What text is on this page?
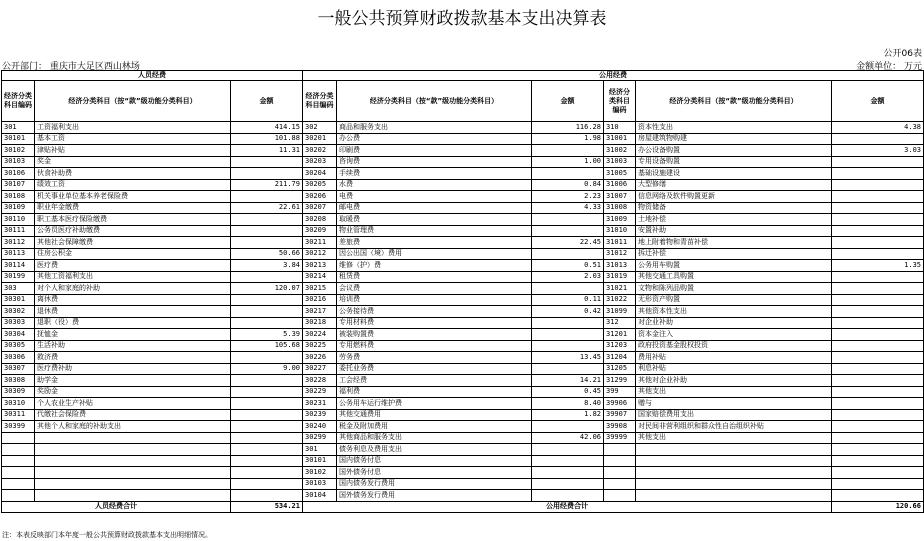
一般公共预算财政拨款基本支出决算表
公开06表
公开部门： 重庆市大足区西山林场	金额单位： 万元
人员经费			公用经费					
经济分类科目编码	经济分类科目（按“款”级功能分类科目）	金额	经济分类科目编码	经济分类科目（按“款”级功能分类科目）	金额	经济分类科目编码	经济分类科目（按“款”级功能分类科目）	金额
301	工资福利支出	414.15	302	商品和服务支出	116.28	310	资本性支出	4.38
30101	基本工资	101.88	30201	办公费	1.98	31001	房屋建筑物购建	
30102	津贴补贴	11.31	30202	印刷费		31002	办公设备购置	3.03
30103	奖金		30203	咨询费	1.00	31003	专用设备购置	
30106	伙食补助费		30204	手续费		31005	基础设施建设	
30107	绩效工资	211.79	30205	水费	0.84	31006	大型修缮	
30108	机关事业单位基本养老保险费		30206	电费	2.23	31007	信息网络及软件购置更新	
30109	职业年金缴费	22.61	30207	邮电费	4.33	31008	物资储备	
30110	职工基本医疗保险缴费		30208	取暖费		31009	土地补偿	
30111	公务员医疗补助缴费		30209	物业管理费		31010	安置补助	
30112	其他社会保障缴费		30211	差旅费	22.45	31011	地上附着物和青苗补偿	
30113	住房公积金	50.66	30212	因公出国（境）费用		31012	拆迁补偿	
30114	医疗费	3.84	30213	维修（护）费	0.51	31013	公务用车购置	1.35
30199	其他工资福利支出		30214	租赁费	2.03	31019	其他交通工具购置	
303	对个人和家庭的补助	120.07	30215	会议费		31021	文物和陈列品购置	
30301	离休费		30216	培训费	0.11	31022	无形资产购置	
30302	退休费		30217	公务接待费	0.42	31099	其他资本性支出	
30303	退职（役）费		30218	专用材料费		312	对企业补助	
30304	抚恤金	5.39	30224	被装购置费		31201	资本金注入	
30305	生活补助	105.68	30225	专用燃料费		31203	政府投资基金股权投资	
30306	救济费		30226	劳务费	13.45	31204	费用补贴	
30307	医疗费补助	9.00	30227	委托业务费		31205	利息补贴	
30308	助学金		30228	工会经费	14.21	31299	其他对企业补助	
30309	奖励金		30229	福利费	0.45	399	其他支出	
30310	个人农业生产补贴		30231	公务用车运行维护费	8.40	39906	赠与	
30311	代缴社会保险费		30239	其他交通费用	1.82	39907	国家赔偿费用支出	
30399	其他个人和家庭的补助支出		30240	税金及附加费用		39908	对民间非营利组织和群众性自治组织补贴	
			30299	其他商品和服务支出	42.06	39999	其他支出	
			301	债务利息及费用支出				
			30101	国内债务付息				
			30102	国外债务付息				
			30103	国内债务发行费用				
			30104	国外债务发行费用				
人员经费合计		534.21	公用经费合计					120.66
注：本表反映部门本年度一般公共预算财政拨款基本支出明细情况。
